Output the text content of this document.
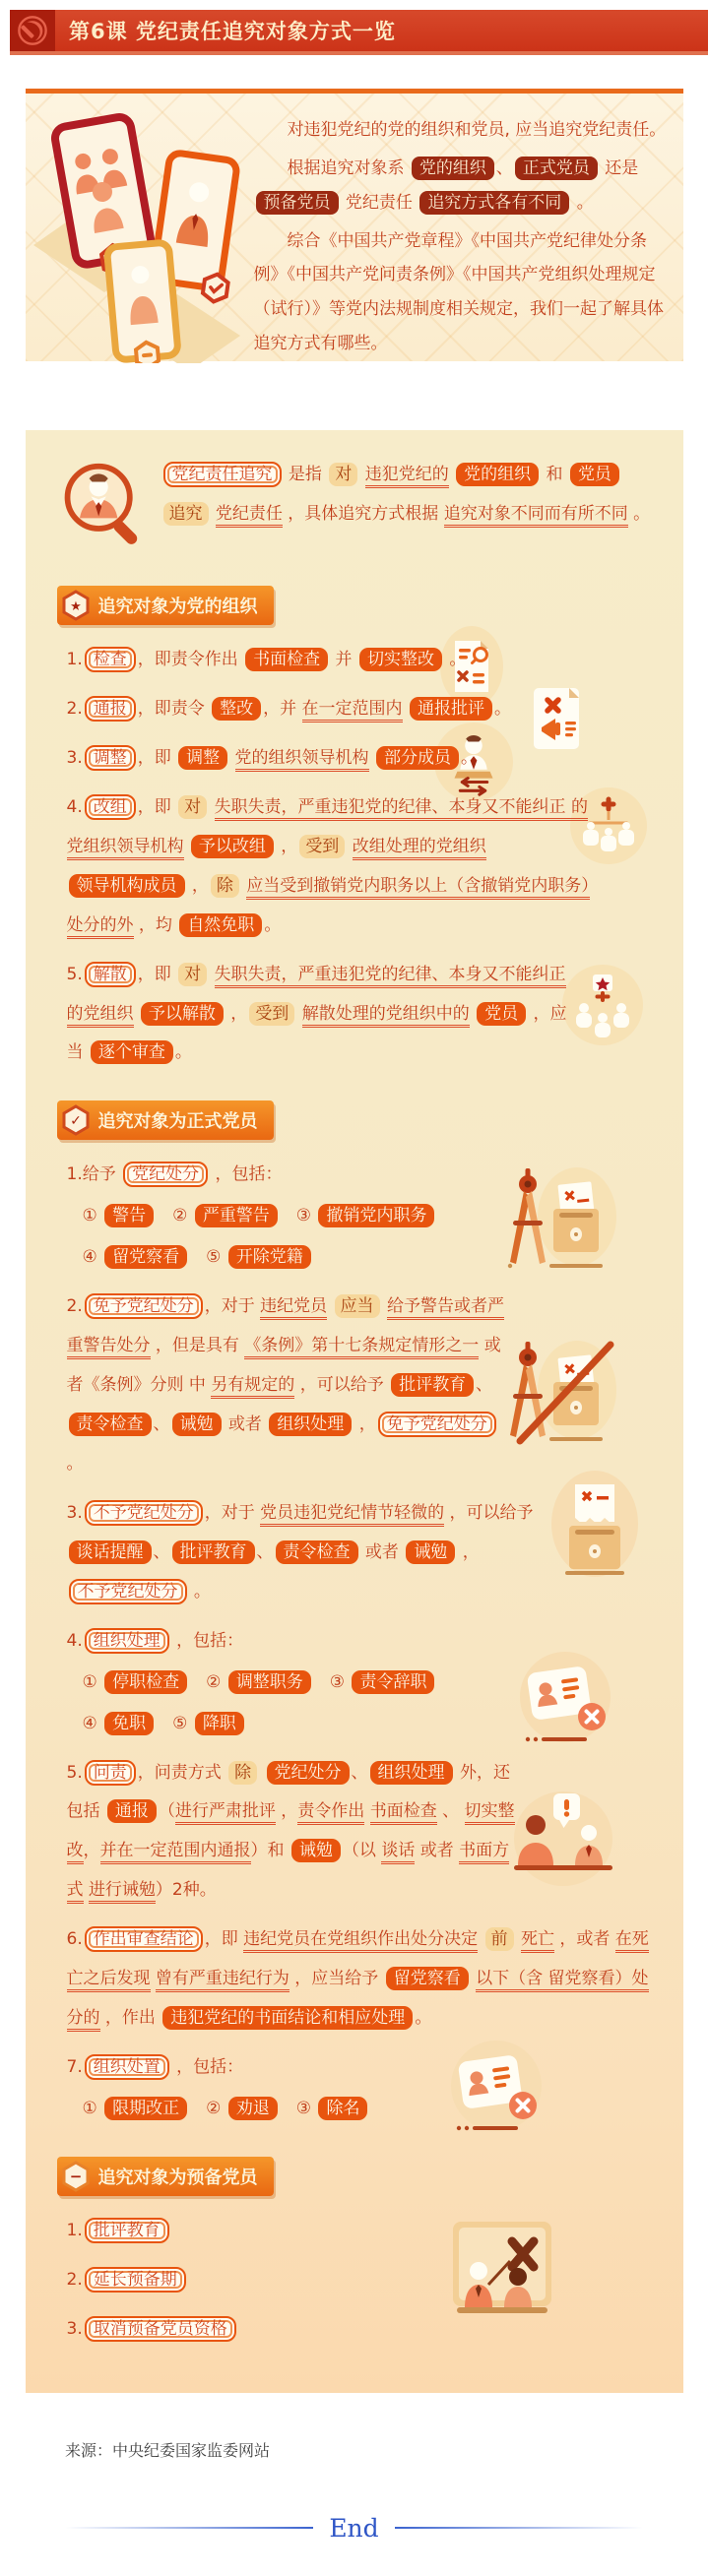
第6课 党纪责任追究对象方式一览

对违犯党纪的党的组织和党员, 应当追究党纪责任。

根据追究对象系 党的组织 、 正式党员 还是 预备党员 党纪责任 追究方式各有不同 。

综合《中国共产党章程》《中国共产党纪律处分条例》《中国共产党问责条例》《中国共产党组织处理规定（试行）》等党内法规制度相关规定，我们一起了解具体追究方式有哪些。

党纪责任追究 是指 对 违犯党纪的 党的组织 和 党员 追究 党纪责任 ，具体追究方式根据 追究对象不同而有所不同 。

★ 追究对象为党的组织

1. 检查 ，即责令作出 书面检查 并 切实整改 。

2. 通报 ，即责令 整改 ，并 在一定范围内 通报批评 。

3. 调整 ，即 调整 党的组织领导机构 部分成员 。

4. 改组 ，即 对 失职失责，严重违犯党的纪律、本身又不能纠正 的党组织领导机构 予以改组 ， 受到 改组处理的党组织 领导机构成员 ， 除 应当受到撤销党内职务以上（含撤销党内职务）处分的外 ，均 自然免职 。

5. 解散 ，即 对 失职失责，严重违犯党的纪律、本身又不能纠正 的党组织 予以解散 ， 受到 解散处理的党组织中的 党员 ，应当 逐个审查 。

✓ 追究对象为正式党员

1.给予 党纪处分 ，包括：

① 警告　② 严重警告　③ 撤销党内职务

④ 留党察看　⑤ 开除党籍

2. 免予党纪处分 ，对于 违纪党员 应当 给予警告或者严重警告处分 ，但是具有 《条例》第十七条规定情形之一 或者《条例》分则 中 另有规定的 ，可以给予 批评教育 、责令检查 、 诫勉 或者 组织处理 ， 免予党纪处分 。

3. 不予党纪处分 ，对于 党员违犯党纪情节轻微的 ，可以给予 谈话提醒 、 批评教育 、 责令检查 或者 诫勉 ，不予党纪处分 。

4. 组织处理 ，包括：

① 停职检查　② 调整职务　③ 责令辞职

④ 免职　⑤ 降职

5. 问责 ，问责方式 除 党纪处分 、 组织处理 外，还包括 通报 （进行严肃批评 ，责令作出 书面检查 、 切实整改，并在一定范围内通报）和 诫勉 （以 谈话 或者 书面方式 进行诫勉）2种。

6. 作出审查结论 ，即 违纪党员在党组织作出处分决定 前 死亡 ，或者 在死亡之后发现 曾有严重违纪行为 ，应当给予 留党察看 以下（含 留党察看）处分的 ，作出 违犯党纪的书面结论和相应处理 。

7. 组织处置 ，包括：

① 限期改正　② 劝退　③ 除名

− 追究对象为预备党员

1. 批评教育

2. 延长预备期

3. 取消预备党员资格

来源：中央纪委国家监委网站

End
